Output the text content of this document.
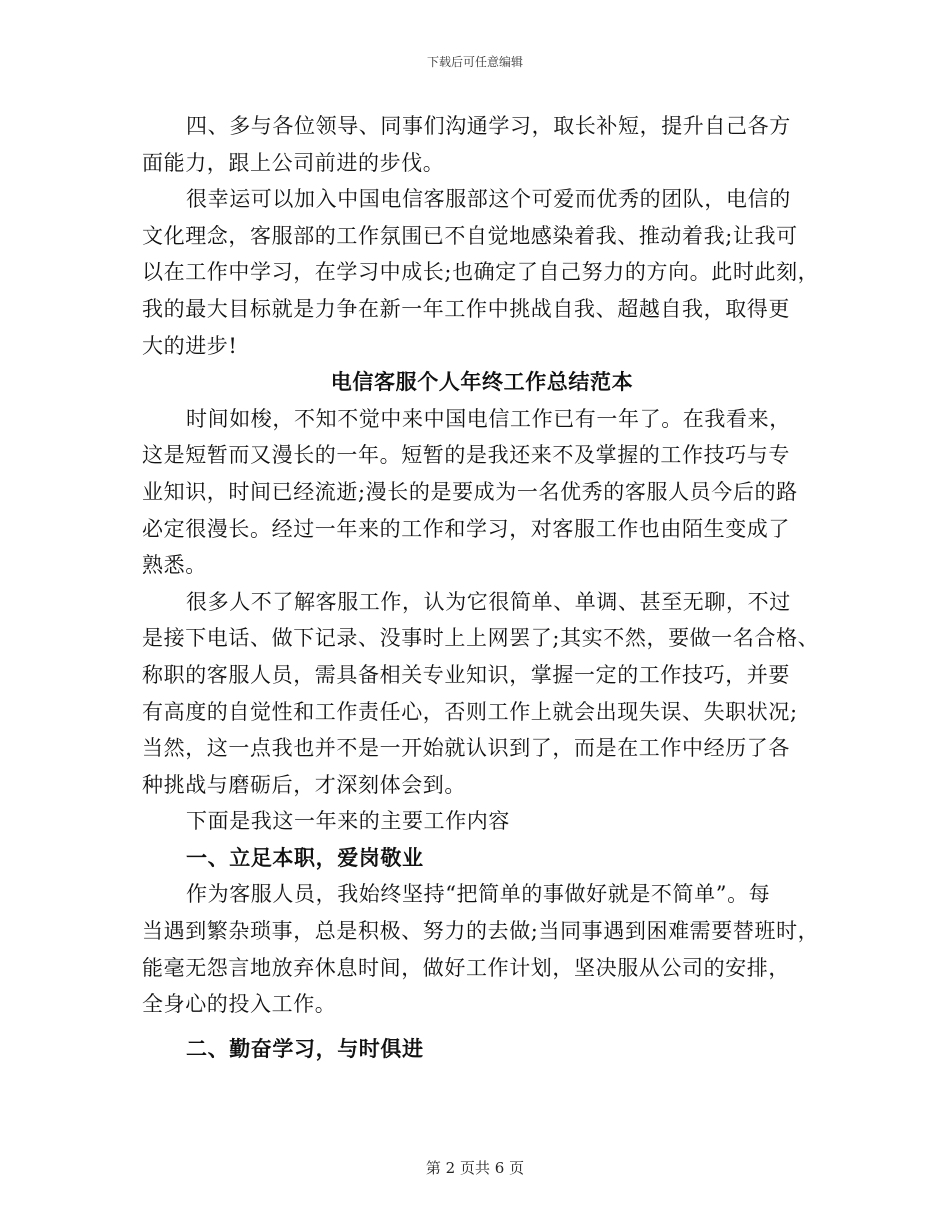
下载后可任意编辑
四、多与各位领导、同事们沟通学习，取长补短，提升自己各方
面能力，跟上公司前进的步伐。
很幸运可以加入中国电信客服部这个可爱而优秀的团队，电信的
文化理念，客服部的工作氛围已不自觉地感染着我、推动着我;让我可
以在工作中学习，在学习中成长;也确定了自己努力的方向。此时此刻，
我的最大目标就是力争在新一年工作中挑战自我、超越自我，取得更
大的进步!
电信客服个人年终工作总结范本
时间如梭，不知不觉中来中国电信工作已有一年了。在我看来，
这是短暂而又漫长的一年。短暂的是我还来不及掌握的工作技巧与专
业知识，时间已经流逝;漫长的是要成为一名优秀的客服人员今后的路
必定很漫长。经过一年来的工作和学习，对客服工作也由陌生变成了
熟悉。
很多人不了解客服工作，认为它很简单、单调、甚至无聊，不过
是接下电话、做下记录、没事时上上网罢了;其实不然，要做一名合格、
称职的客服人员，需具备相关专业知识，掌握一定的工作技巧，并要
有高度的自觉性和工作责任心，否则工作上就会出现失误、失职状况;
当然，这一点我也并不是一开始就认识到了，而是在工作中经历了各
种挑战与磨砺后，才深刻体会到。
下面是我这一年来的主要工作内容
一、立足本职，爱岗敬业
作为客服人员，我始终坚持“把简单的事做好就是不简单”。每
当遇到繁杂琐事，总是积极、努力的去做;当同事遇到困难需要替班时，
能毫无怨言地放弃休息时间，做好工作计划，坚决服从公司的安排，
全身心的投入工作。
二、勤奋学习，与时俱进
第 2 页共 6 页
